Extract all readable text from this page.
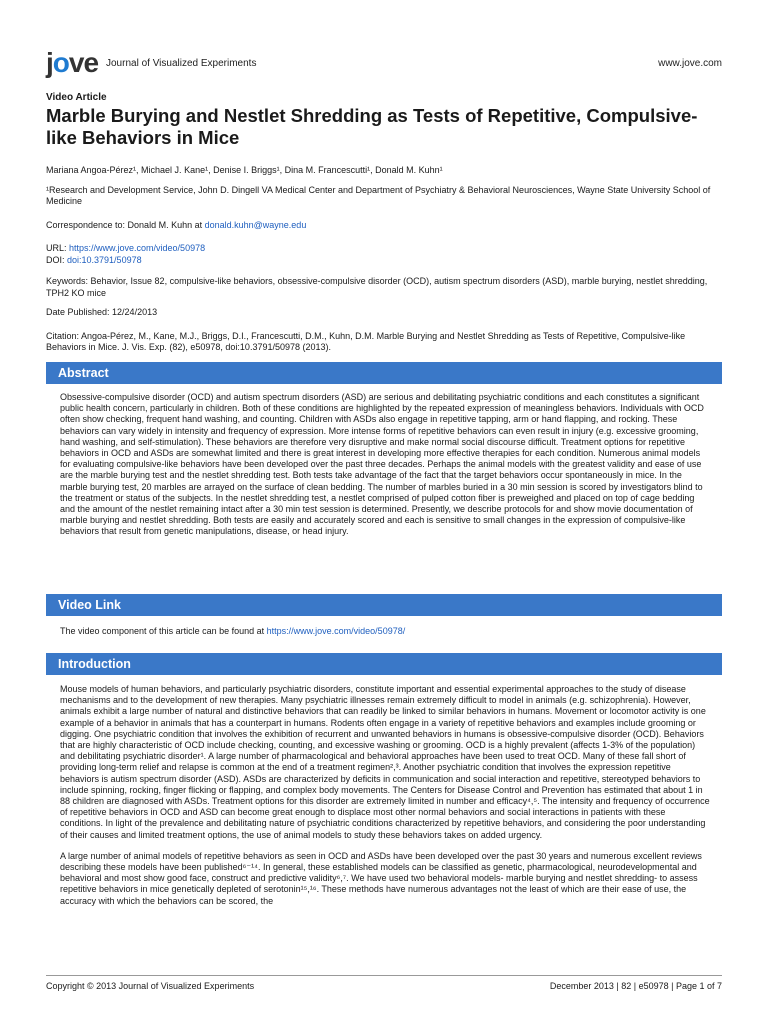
jove Journal of Visualized Experiments	www.jove.com

Video Article

Marble Burying and Nestlet Shredding as Tests of Repetitive, Compulsive-like Behaviors in Mice

Mariana Angoa-Pérez¹, Michael J. Kane¹, Denise I. Briggs¹, Dina M. Francescutti¹, Donald M. Kuhn¹

¹Research and Development Service, John D. Dingell VA Medical Center and Department of Psychiatry & Behavioral Neurosciences, Wayne State University School of Medicine

Correspondence to: Donald M. Kuhn at donald.kuhn@wayne.edu

URL: https://www.jove.com/video/50978
DOI: doi:10.3791/50978

Keywords: Behavior, Issue 82, compulsive-like behaviors, obsessive-compulsive disorder (OCD), autism spectrum disorders (ASD), marble burying, nestlet shredding, TPH2 KO mice

Date Published: 12/24/2013

Citation: Angoa-Pérez, M., Kane, M.J., Briggs, D.I., Francescutti, D.M., Kuhn, D.M. Marble Burying and Nestlet Shredding as Tests of Repetitive, Compulsive-like Behaviors in Mice. J. Vis. Exp. (82), e50978, doi:10.3791/50978 (2013).

Abstract

Obsessive-compulsive disorder (OCD) and autism spectrum disorders (ASD) are serious and debilitating psychiatric conditions and each constitutes a significant public health concern, particularly in children. Both of these conditions are highlighted by the repeated expression of meaningless behaviors. Individuals with OCD often show checking, frequent hand washing, and counting. Children with ASDs also engage in repetitive tapping, arm or hand flapping, and rocking. These behaviors can vary widely in intensity and frequency of expression. More intense forms of repetitive behaviors can even result in injury (e.g. excessive grooming, hand washing, and self-stimulation). These behaviors are therefore very disruptive and make normal social discourse difficult. Treatment options for repetitive behaviors in OCD and ASDs are somewhat limited and there is great interest in developing more effective therapies for each condition. Numerous animal models for evaluating compulsive-like behaviors have been developed over the past three decades. Perhaps the animal models with the greatest validity and ease of use are the marble burying test and the nestlet shredding test. Both tests take advantage of the fact that the target behaviors occur spontaneously in mice. In the marble burying test, 20 marbles are arrayed on the surface of clean bedding. The number of marbles buried in a 30 min session is scored by investigators blind to the treatment or status of the subjects. In the nestlet shredding test, a nestlet comprised of pulped cotton fiber is preweighed and placed on top of cage bedding and the amount of the nestlet remaining intact after a 30 min test session is determined. Presently, we describe protocols for and show movie documentation of marble burying and nestlet shredding. Both tests are easily and accurately scored and each is sensitive to small changes in the expression of compulsive-like behaviors that result from genetic manipulations, disease, or head injury.

Video Link

The video component of this article can be found at https://www.jove.com/video/50978/

Introduction

Mouse models of human behaviors, and particularly psychiatric disorders, constitute important and essential experimental approaches to the study of disease mechanisms and to the development of new therapies. Many psychiatric illnesses remain extremely difficult to model in animals (e.g. schizophrenia). However, animals exhibit a large number of natural and distinctive behaviors that can readily be linked to similar behaviors in humans. Movement or locomotor activity is one example of a behavior in animals that has a counterpart in humans. Rodents often engage in a variety of repetitive behaviors and examples include grooming or digging. One psychiatric condition that involves the exhibition of recurrent and unwanted behaviors in humans is obsessive-compulsive disorder (OCD). Behaviors that are highly characteristic of OCD include checking, counting, and excessive washing or grooming. OCD is a highly prevalent (affects 1-3% of the population) and debilitating psychiatric disorder¹. A large number of pharmacological and behavioral approaches have been used to treat OCD. Many of these fall short of providing long-term relief and relapse is common at the end of a treatment regimen²,³. Another psychiatric condition that involves the expression repetitive behaviors is autism spectrum disorder (ASD). ASDs are characterized by deficits in communication and social interaction and repetitive, stereotyped behaviors to include spinning, rocking, finger flicking or flapping, and complex body movements. The Centers for Disease Control and Prevention has estimated that about 1 in 88 children are diagnosed with ASDs. Treatment options for this disorder are extremely limited in number and efficacy⁴,⁵. The intensity and frequency of occurrence of repetitive behaviors in OCD and ASD can become great enough to displace most other normal behaviors and social interactions in patients with these conditions. In light of the prevalence and debilitating nature of psychiatric conditions characterized by repetitive behaviors, and considering the poor understanding of their causes and limited treatment options, the use of animal models to study these behaviors takes on added urgency.

A large number of animal models of repetitive behaviors as seen in OCD and ASDs have been developed over the past 30 years and numerous excellent reviews describing these models have been published⁶⁻¹⁴. In general, these established models can be classified as genetic, pharmacological, neurodevelopmental and behavioral and most show good face, construct and predictive validity⁶,⁷. We have used two behavioral models- marble burying and nestlet shredding- to assess repetitive behaviors in mice genetically depleted of serotonin¹⁵,¹⁶. These methods have numerous advantages not the least of which are their ease of use, the accuracy with which the behaviors can be scored, the

Copyright © 2013 Journal of Visualized Experiments	December 2013 | 82 | e50978 | Page 1 of 7
